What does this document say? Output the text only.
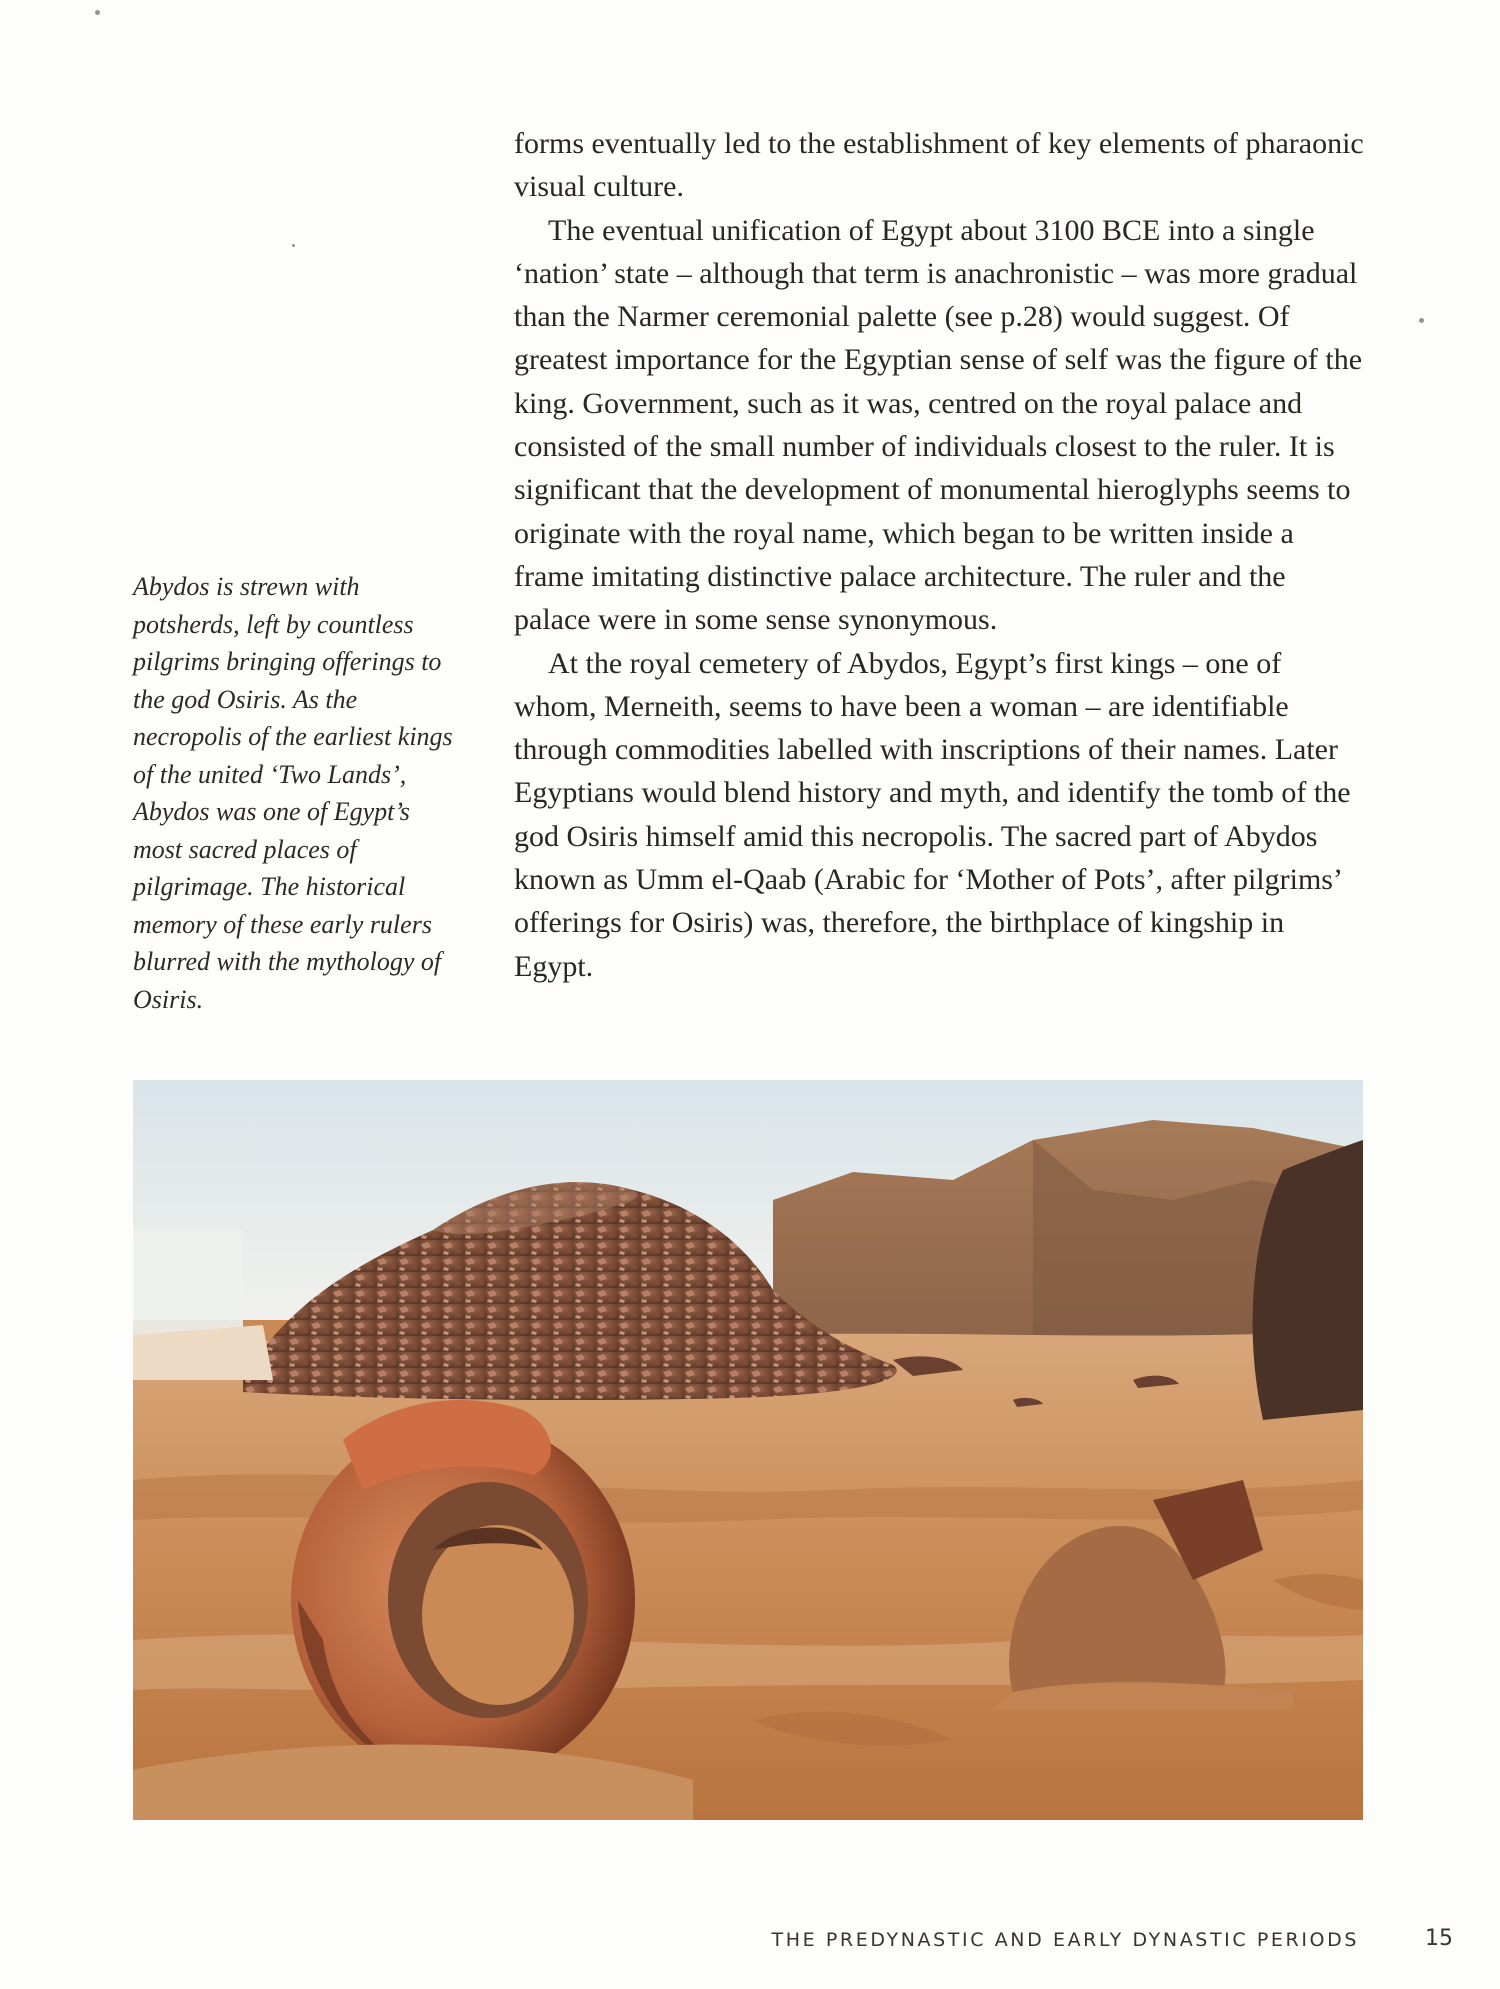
forms eventually led to the establishment of key elements of pharaonic visual culture.

The eventual unification of Egypt about 3100 BCE into a single ‘nation’ state – although that term is anachronistic – was more gradual than the Narmer ceremonial palette (see p.28) would suggest. Of greatest importance for the Egyptian sense of self was the figure of the king. Government, such as it was, centred on the royal palace and consisted of the small number of individuals closest to the ruler. It is significant that the development of monumental hieroglyphs seems to originate with the royal name, which began to be written inside a frame imitating distinctive palace architecture. The ruler and the palace were in some sense synonymous.

At the royal cemetery of Abydos, Egypt’s first kings – one of whom, Merneith, seems to have been a woman – are identifiable through commodities labelled with inscriptions of their names. Later Egyptians would blend history and myth, and identify the tomb of the god Osiris himself amid this necropolis. The sacred part of Abydos known as Umm el-Qaab (Arabic for ‘Mother of Pots’, after pilgrims’ offerings for Osiris) was, therefore, the birthplace of kingship in Egypt.

Abydos is strewn with potsherds, left by countless pilgrims bringing offerings to the god Osiris. As the necropolis of the earliest kings of the united ‘Two Lands’, Abydos was one of Egypt’s most sacred places of pilgrimage. The historical memory of these early rulers blurred with the mythology of Osiris.

THE PREDYNASTIC AND EARLY DYNASTIC PERIODS	15
